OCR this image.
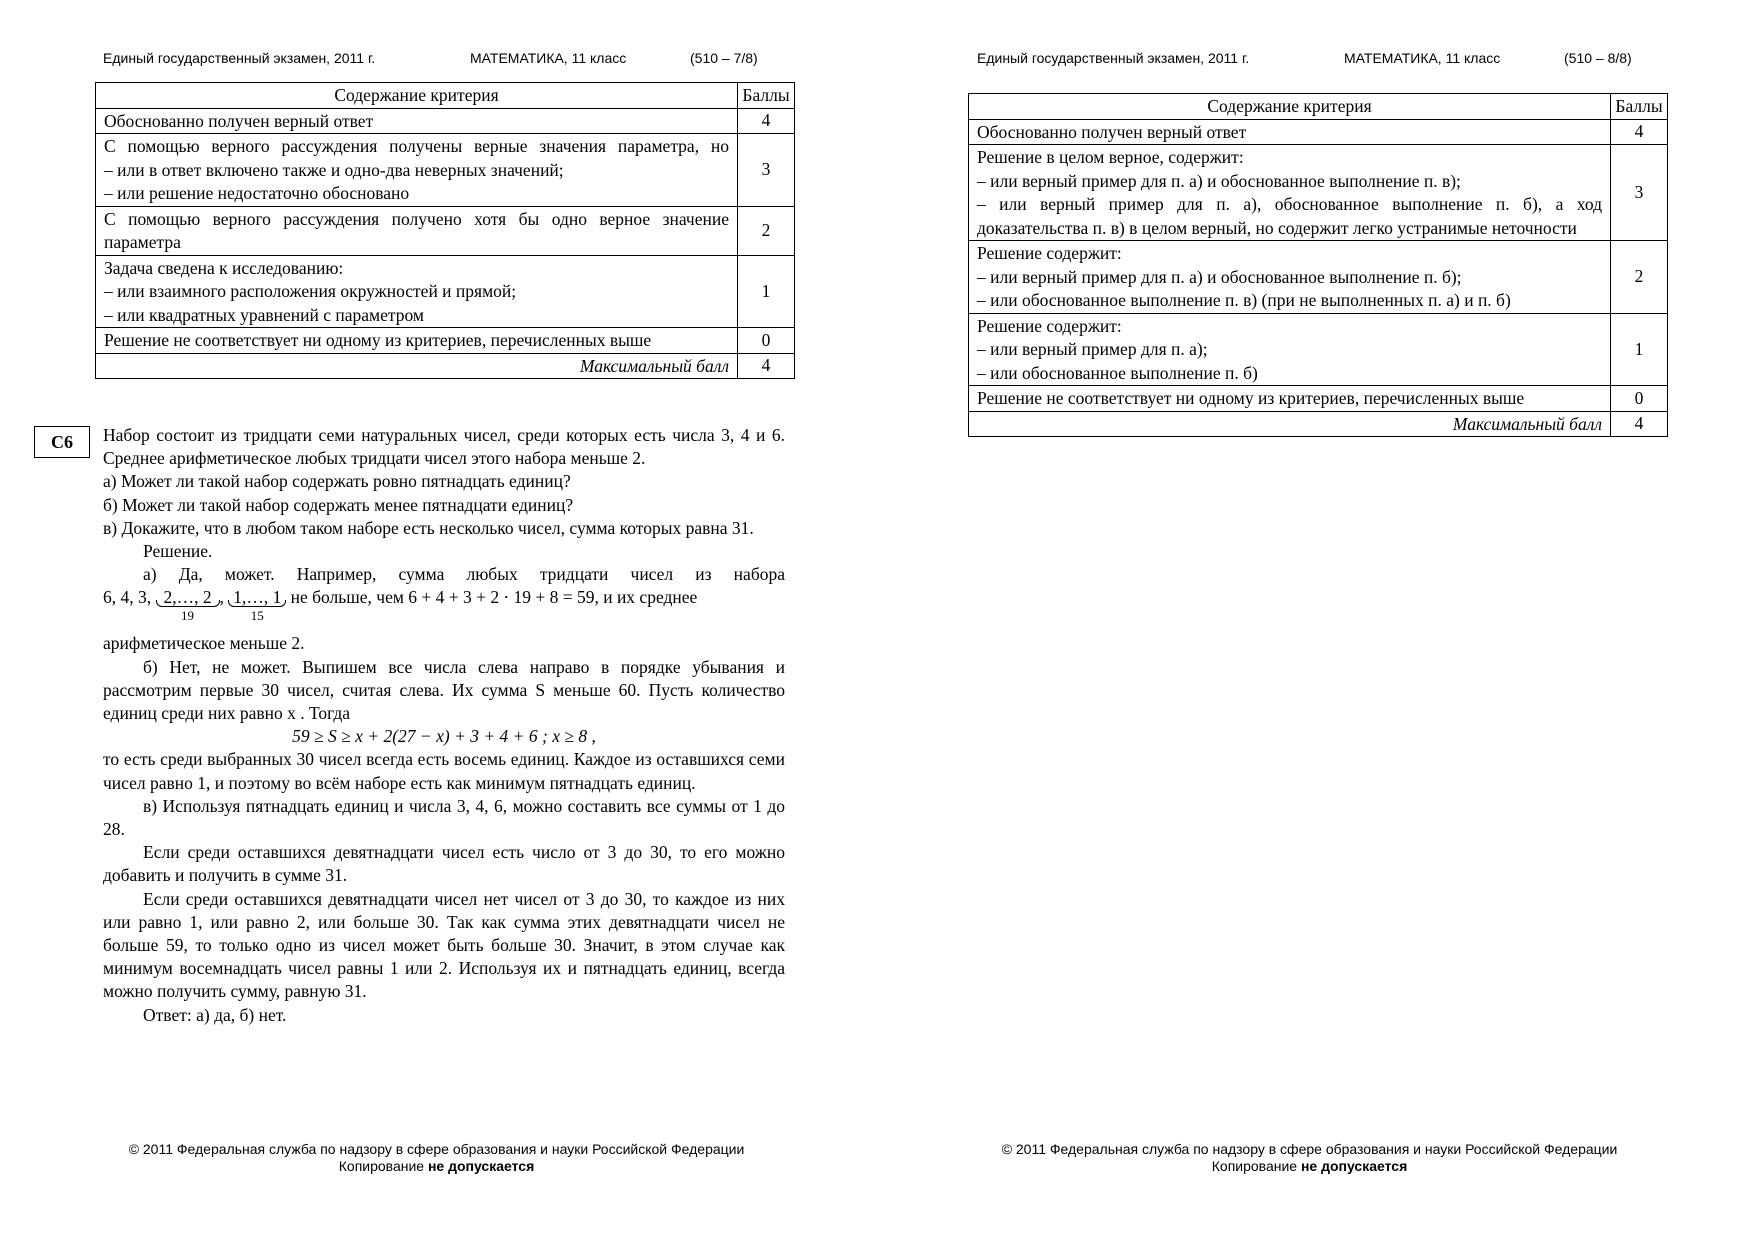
Единый государственный экзамен, 2011 г.	МАТЕМАТИКА, 11 класс	(510 – 7/8)
Содержание критерия	Баллы

Обоснованно получен верный ответ	4

С помощью верного рассуждения получены верные значения параметра, но
– или в ответ включено также и одно-два неверных значений;
– или решение недостаточно обосновано	3

С помощью верного рассуждения получено хотя бы одно верное значение параметра	2

Задача сведена к исследованию:
– или взаимного расположения окружностей и прямой;
– или квадратных уравнений с параметром	1

Решение не соответствует ни одному из критериев, перечисленных выше	0
Максимальный балл	4
С6	Набор состоит из тридцати семи натуральных чисел, среди которых есть числа 3, 4 и 6. Среднее арифметическое любых тридцати чисел этого набора меньше 2.

а) Может ли такой набор содержать ровно пятнадцать единиц?

б) Может ли такой набор содержать менее пятнадцати единиц?

в) Докажите, что в любом таком наборе есть несколько чисел, сумма которых равна 31.

Решение.

а) Да, может. Например, сумма любых тридцати чисел из набора

6, 4, 3, 2,…, 2
19
, 1,…, 1
15
не больше, чем 6 + 4 + 3 + 2 ⋅ 19 + 8 = 59, и их среднее

арифметическое меньше 2.

б) Нет, не может. Выпишем все числа слева направо в порядке убывания и рассмотрим первые 30 чисел, считая слева. Их сумма S меньше 60. Пусть количество единиц среди них равно x . Тогда

59 ≥ S ≥ x + 2(27 − x) + 3 + 4 + 6 ; x ≥ 8 ,

то есть среди выбранных 30 чисел всегда есть восемь единиц. Каждое из оставшихся семи чисел равно 1, и поэтому во всём наборе есть как минимум пятнадцать единиц.

в) Используя пятнадцать единиц и числа 3, 4, 6, можно составить все суммы от 1 до 28.

Если среди оставшихся девятнадцати чисел есть число от 3 до 30, то его можно добавить и получить в сумме 31.

Если среди оставшихся девятнадцати чисел нет чисел от 3 до 30, то каждое из них или равно 1, или равно 2, или больше 30. Так как сумма этих девятнадцати чисел не больше 59, то только одно из чисел может быть больше 30. Значит, в этом случае как минимум восемнадцать чисел равны 1 или 2. Используя их и пятнадцать единиц, всегда можно получить сумму, равную 31.

Ответ: а) да, б) нет.

© 2011 Федеральная служба по надзору в сфере образования и науки Российской Федерации
Копирование не допускается
Единый государственный экзамен, 2011 г.	МАТЕМАТИКА, 11 класс	(510 – 8/8)
Содержание критерия	Баллы

Обоснованно получен верный ответ	4

Решение в целом верное, содержит:
– или верный пример для п. а) и обоснованное выполнение п. в);
– или верный пример для п. а), обоснованное выполнение п. б), а ход доказательства п. в) в целом верный, но содержит легко устранимые неточности	3

Решение содержит:
– или верный пример для п. а) и обоснованное выполнение п. б);
– или обоснованное выполнение п. в) (при не выполненных п. а) и п. б)	2

Решение содержит:
– или верный пример для п. а);
– или обоснованное выполнение п. б)	1

Решение не соответствует ни одному из критериев, перечисленных выше	0
Максимальный балл	4
© 2011 Федеральная служба по надзору в сфере образования и науки Российской Федерации
Копирование не допускается
